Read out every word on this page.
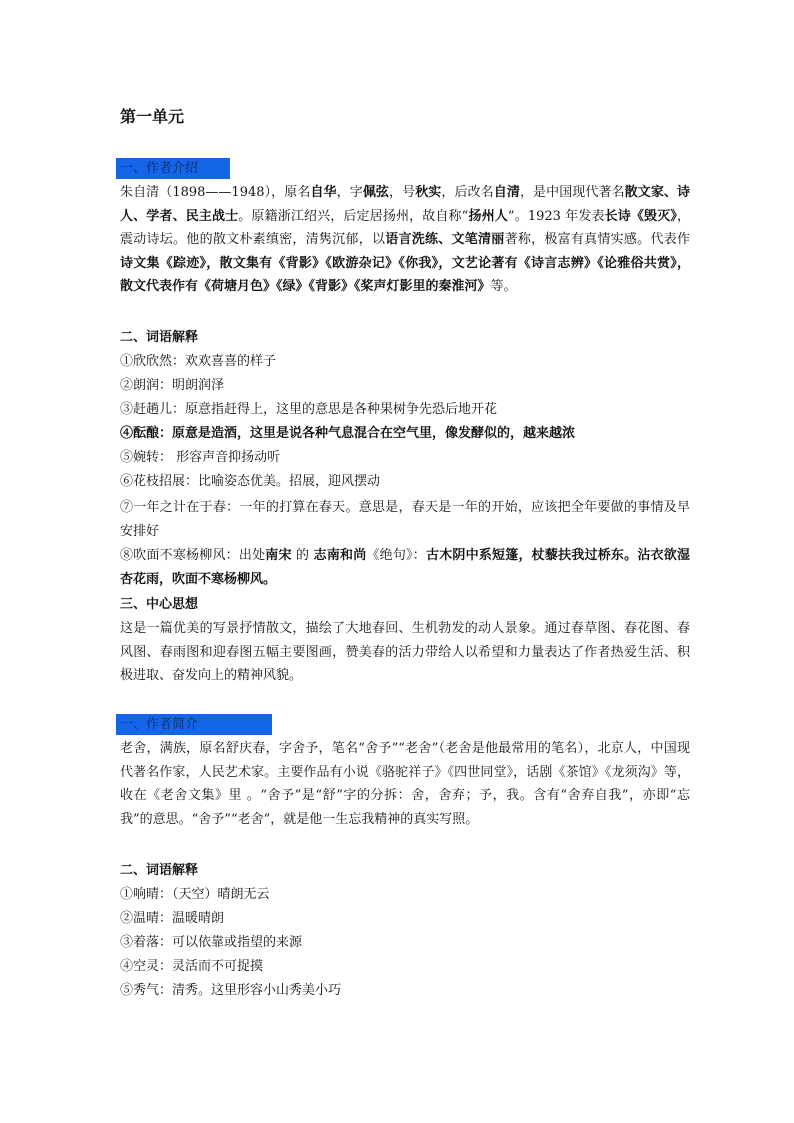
第一单元
一、作者介绍

朱自清（1898——1948），原名自华，字佩弦，号秋实，后改名自清，是中国现代著名散文家、诗人、学者、民主战士。原籍浙江绍兴，后定居扬州，故自称“扬州人”。1923 年发表长诗《毁灭》，震动诗坛。他的散文朴素缜密，清隽沉郁，以语言洗练、文笔清丽著称，极富有真情实感。代表作诗文集《踪迹》，散文集有《背影》《欧游杂记》《你我》，文艺论著有《诗言志辨》《论雅俗共赏》，散文代表作有《荷塘月色》《绿》《背影》《桨声灯影里的秦淮河》等。

二、词语解释
①欣欣然：欢欢喜喜的样子
②朗润：明朗润泽
③赶趟儿：原意指赶得上，这里的意思是各种果树争先恐后地开花
④酝酿：原意是造酒，这里是说各种气息混合在空气里，像发酵似的，越来越浓
⑤婉转： 形容声音抑扬动听
⑥花枝招展：比喻姿态优美。招展，迎风摆动

⑦一年之计在于春：一年的打算在春天。意思是，春天是一年的开始，应该把全年要做的事情及早安排好

⑧吹面不寒杨柳风：出处南宋 的 志南和尚《绝句》：古木阴中系短篷，杖藜扶我过桥东。沾衣欲湿杏花雨，吹面不寒杨柳风。

三、中心思想

这是一篇优美的写景抒情散文，描绘了大地春回、生机勃发的动人景象。通过春草图、春花图、春风图、春雨图和迎春图五幅主要图画，赞美春的活力带给人以希望和力量表达了作者热爱生活、积极进取、奋发向上的精神风貌。

一、作者简介

老舍，满族，原名舒庆春，字舍予，笔名“舍予”“老舍”（老舍是他最常用的笔名），北京人，中国现代著名作家，人民艺术家。主要作品有小说《骆驼祥子》《四世同堂》，话剧《茶馆》《龙须沟》等，收在《老舍文集》里 。“舍予”是“舒”字的分拆：舍，舍弃；予，我。含有“舍弃自我”，亦即“忘我”的意思。“舍予”“老舍”，就是他一生忘我精神的真实写照。

二、词语解释
①响晴：（天空）晴朗无云
②温晴：温暖晴朗
③着落：可以依靠或指望的来源
④空灵：灵活而不可捉摸
⑤秀气：清秀。这里形容小山秀美小巧
